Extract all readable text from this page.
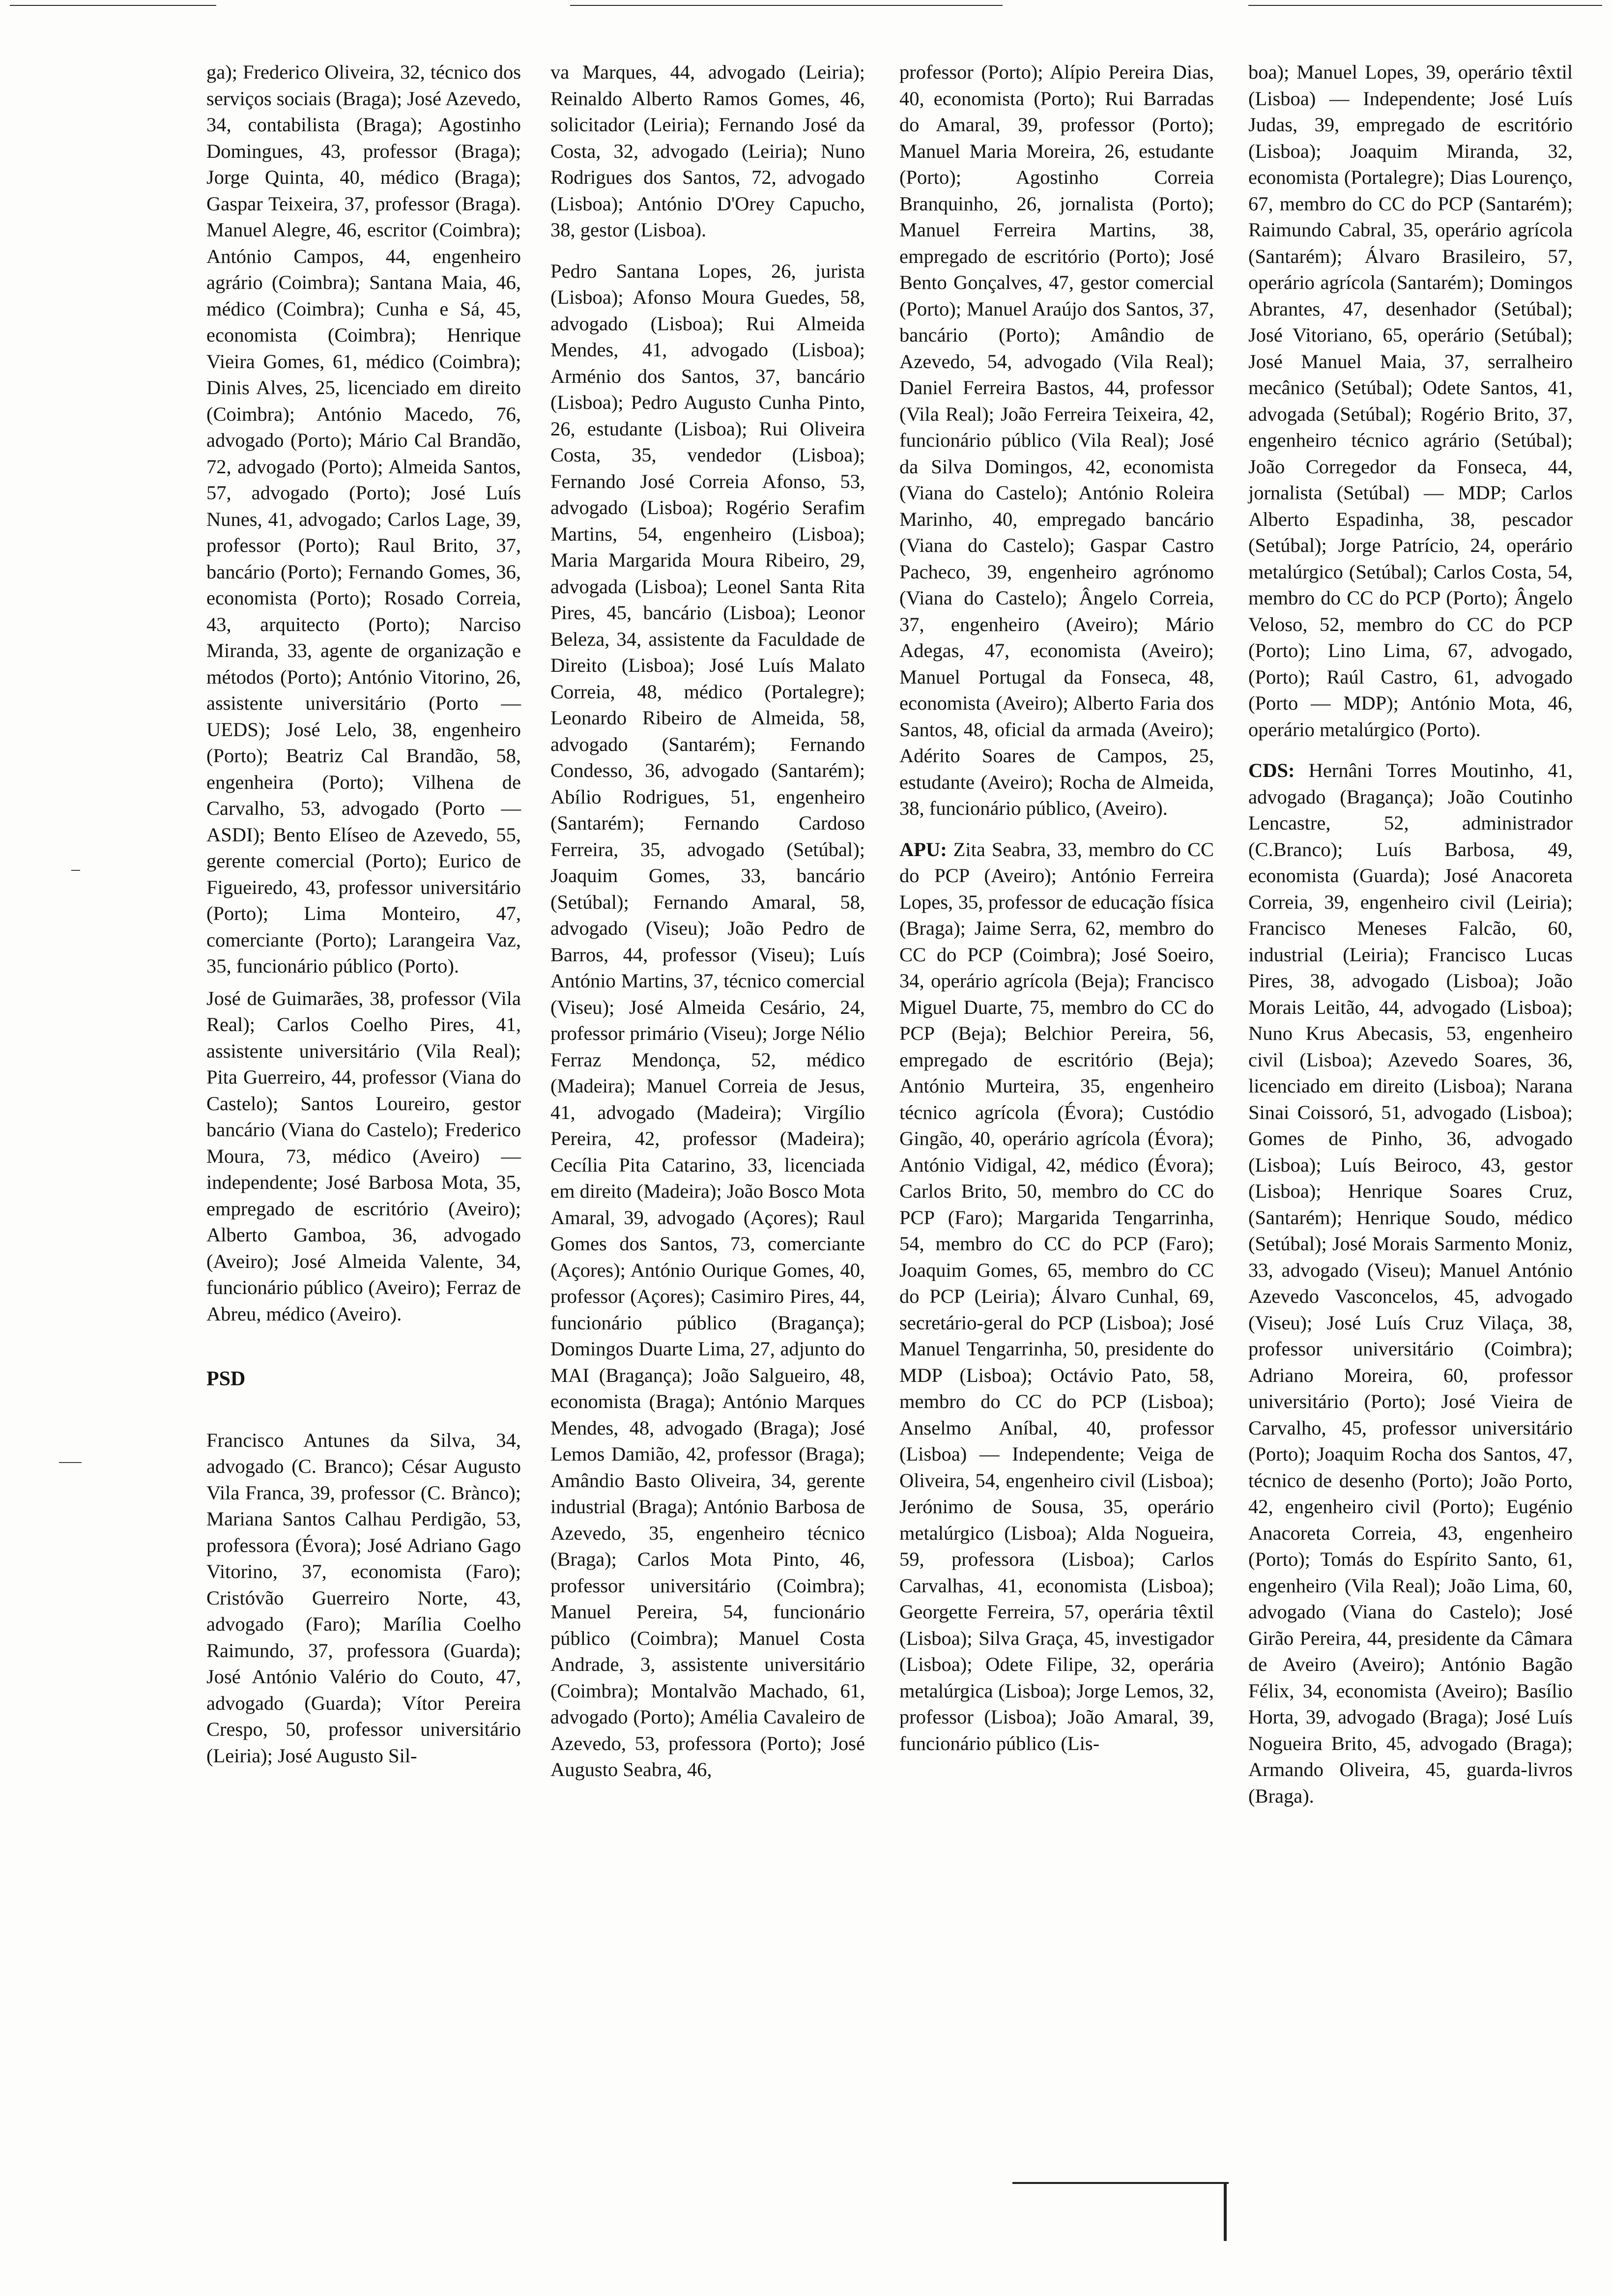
ga); Frederico Oliveira, 32, técnico dos serviços sociais (Braga); José Azevedo, 34, contabilista (Braga); Agostinho Domingues, 43, professor (Braga); Jorge Quinta, 40, médico (Braga); Gaspar Teixeira, 37, professor (Braga). Manuel Alegre, 46, escritor (Coimbra); António Campos, 44, engenheiro agrário (Coimbra); Santana Maia, 46, médico (Coimbra); Cunha e Sá, 45, economista (Coimbra); Henrique Vieira Gomes, 61, médico (Coimbra); Dinis Alves, 25, licenciado em direito (Coimbra); António Macedo, 76, advogado (Porto); Mário Cal Brandão, 72, advogado (Porto); Almeida Santos, 57, advogado (Porto); José Luís Nunes, 41, advogado; Carlos Lage, 39, professor (Porto); Raul Brito, 37, bancário (Porto); Fernando Gomes, 36, economista (Porto); Rosado Correia, 43, arquitecto (Porto); Narciso Miranda, 33, agente de organização e métodos (Porto); António Vitorino, 26, assistente universitário (Porto — UEDS); José Lelo, 38, engenheiro (Porto); Beatriz Cal Brandão, 58, engenheira (Porto); Vilhena de Carvalho, 53, advogado (Porto — ASDI); Bento Elíseo de Azevedo, 55, gerente comercial (Porto); Eurico de Figueiredo, 43, professor universitário (Porto); Lima Monteiro, 47, comerciante (Porto); Larangeira Vaz, 35, funcionário público (Porto).

José de Guimarães, 38, professor (Vila Real); Carlos Coelho Pires, 41, assistente universitário (Vila Real); Pita Guerreiro, 44, professor (Viana do Castelo); Santos Loureiro, gestor bancário (Viana do Castelo); Frederico Moura, 73, médico (Aveiro) — independente; José Barbosa Mota, 35, empregado de escritório (Aveiro); Alberto Gamboa, 36, advogado (Aveiro); José Almeida Valente, 34, funcionário público (Aveiro); Ferraz de Abreu, médico (Aveiro).

PSD

Francisco Antunes da Silva, 34, advogado (C. Branco); César Augusto Vila Franca, 39, professor (C. Brànco); Mariana Santos Calhau Perdigão, 53, professora (Évora); José Adriano Gago Vitorino, 37, economista (Faro); Cristóvão Guerreiro Norte, 43, advogado (Faro); Marília Coelho Raimundo, 37, professora (Guarda); José António Valério do Couto, 47, advogado (Guarda); Vítor Pereira Crespo, 50, professor universitário (Leiria); José Augusto Sil-

va Marques, 44, advogado (Leiria); Reinaldo Alberto Ramos Gomes, 46, solicitador (Leiria); Fernando José da Costa, 32, advogado (Leiria); Nuno Rodrigues dos Santos, 72, advogado (Lisboa); António D'Orey Capucho, 38, gestor (Lisboa).

Pedro Santana Lopes, 26, jurista (Lisboa); Afonso Moura Guedes, 58, advogado (Lisboa); Rui Almeida Mendes, 41, advogado (Lisboa); Arménio dos Santos, 37, bancário (Lisboa); Pedro Augusto Cunha Pinto, 26, estudante (Lisboa); Rui Oliveira Costa, 35, vendedor (Lisboa); Fernando José Correia Afonso, 53, advogado (Lisboa); Rogério Serafim Martins, 54, engenheiro (Lisboa); Maria Margarida Moura Ribeiro, 29, advogada (Lisboa); Leonel Santa Rita Pires, 45, bancário (Lisboa); Leonor Beleza, 34, assistente da Faculdade de Direito (Lisboa); José Luís Malato Correia, 48, médico (Portalegre); Leonardo Ribeiro de Almeida, 58, advogado (Santarém); Fernando Condesso, 36, advogado (Santarém); Abílio Rodrigues, 51, engenheiro (Santarém); Fernando Cardoso Ferreira, 35, advogado (Setúbal); Joaquim Gomes, 33, bancário (Setúbal); Fernando Amaral, 58, advogado (Viseu); João Pedro de Barros, 44, professor (Viseu); Luís António Martins, 37, técnico comercial (Viseu); José Almeida Cesário, 24, professor primário (Viseu); Jorge Nélio Ferraz Mendonça, 52, médico (Madeira); Manuel Correia de Jesus, 41, advogado (Madeira); Virgílio Pereira, 42, professor (Madeira); Cecília Pita Catarino, 33, licenciada em direito (Madeira); João Bosco Mota Amaral, 39, advogado (Açores); Raul Gomes dos Santos, 73, comerciante (Açores); António Ourique Gomes, 40, professor (Açores); Casimiro Pires, 44, funcionário público (Bragança); Domingos Duarte Lima, 27, adjunto do MAI (Bragança); João Salgueiro, 48, economista (Braga); António Marques Mendes, 48, advogado (Braga); José Lemos Damião, 42, professor (Braga); Amândio Basto Oliveira, 34, gerente industrial (Braga); António Barbosa de Azevedo, 35, engenheiro técnico (Braga); Carlos Mota Pinto, 46, professor universitário (Coimbra); Manuel Pereira, 54, funcionário público (Coimbra); Manuel Costa Andrade, 3, assistente universitário (Coimbra); Montalvão Machado, 61, advogado (Porto); Amélia Cavaleiro de Azevedo, 53, professora (Porto); José Augusto Seabra, 46,

professor (Porto); Alípio Pereira Dias, 40, economista (Porto); Rui Barradas do Amaral, 39, professor (Porto); Manuel Maria Moreira, 26, estudante (Porto); Agostinho Correia Branquinho, 26, jornalista (Porto); Manuel Ferreira Martins, 38, empregado de escritório (Porto); José Bento Gonçalves, 47, gestor comercial (Porto); Manuel Araújo dos Santos, 37, bancário (Porto); Amândio de Azevedo, 54, advogado (Vila Real); Daniel Ferreira Bastos, 44, professor (Vila Real); João Ferreira Teixeira, 42, funcionário público (Vila Real); José da Silva Domingos, 42, economista (Viana do Castelo); António Roleira Marinho, 40, empregado bancário (Viana do Castelo); Gaspar Castro Pacheco, 39, engenheiro agrónomo (Viana do Castelo); Ângelo Correia, 37, engenheiro (Aveiro); Mário Adegas, 47, economista (Aveiro); Manuel Portugal da Fonseca, 48, economista (Aveiro); Alberto Faria dos Santos, 48, oficial da armada (Aveiro); Adérito Soares de Campos, 25, estudante (Aveiro); Rocha de Almeida, 38, funcionário público, (Aveiro).

APU: Zita Seabra, 33, membro do CC do PCP (Aveiro); António Ferreira Lopes, 35, professor de educação física (Braga); Jaime Serra, 62, membro do CC do PCP (Coimbra); José Soeiro, 34, operário agrícola (Beja); Francisco Miguel Duarte, 75, membro do CC do PCP (Beja); Belchior Pereira, 56, empregado de escritório (Beja); António Murteira, 35, engenheiro técnico agrícola (Évora); Custódio Gingão, 40, operário agrícola (Évora); António Vidigal, 42, médico (Évora); Carlos Brito, 50, membro do CC do PCP (Faro); Margarida Tengarrinha, 54, membro do CC do PCP (Faro); Joaquim Gomes, 65, membro do CC do PCP (Leiria); Álvaro Cunhal, 69, secretário-geral do PCP (Lisboa); José Manuel Tengarrinha, 50, presidente do MDP (Lisboa); Octávio Pato, 58, membro do CC do PCP (Lisboa); Anselmo Aníbal, 40, professor (Lisboa) — Independente; Veiga de Oliveira, 54, engenheiro civil (Lisboa); Jerónimo de Sousa, 35, operário metalúrgico (Lisboa); Alda Nogueira, 59, professora (Lisboa); Carlos Carvalhas, 41, economista (Lisboa); Georgette Ferreira, 57, operária têxtil (Lisboa); Silva Graça, 45, investigador (Lisboa); Odete Filipe, 32, operária metalúrgica (Lisboa); Jorge Lemos, 32, professor (Lisboa); João Amaral, 39, funcionário público (Lis-

boa); Manuel Lopes, 39, operário têxtil (Lisboa) — Independente; José Luís Judas, 39, empregado de escritório (Lisboa); Joaquim Miranda, 32, economista (Portalegre); Dias Lourenço, 67, membro do CC do PCP (Santarém); Raimundo Cabral, 35, operário agrícola (Santarém); Álvaro Brasileiro, 57, operário agrícola (Santarém); Domingos Abrantes, 47, desenhador (Setúbal); José Vitoriano, 65, operário (Setúbal); José Manuel Maia, 37, serralheiro mecânico (Setúbal); Odete Santos, 41, advogada (Setúbal); Rogério Brito, 37, engenheiro técnico agrário (Setúbal); João Corregedor da Fonseca, 44, jornalista (Setúbal) — MDP; Carlos Alberto Espadinha, 38, pescador (Setúbal); Jorge Patrício, 24, operário metalúrgico (Setúbal); Carlos Costa, 54, membro do CC do PCP (Porto); Ângelo Veloso, 52, membro do CC do PCP (Porto); Lino Lima, 67, advogado, (Porto); Raúl Castro, 61, advogado (Porto — MDP); António Mota, 46, operário metalúrgico (Porto).

CDS: Hernâni Torres Moutinho, 41, advogado (Bragança); João Coutinho Lencastre, 52, administrador (C.Branco); Luís Barbosa, 49, economista (Guarda); José Anacoreta Correia, 39, engenheiro civil (Leiria); Francisco Meneses Falcão, 60, industrial (Leiria); Francisco Lucas Pires, 38, advogado (Lisboa); João Morais Leitão, 44, advogado (Lisboa); Nuno Krus Abecasis, 53, engenheiro civil (Lisboa); Azevedo Soares, 36, licenciado em direito (Lisboa); Narana Sinai Coissoró, 51, advogado (Lisboa); Gomes de Pinho, 36, advogado (Lisboa); Luís Beiroco, 43, gestor (Lisboa); Henrique Soares Cruz, (Santarém); Henrique Soudo, médico (Setúbal); José Morais Sarmento Moniz, 33, advogado (Viseu); Manuel António Azevedo Vasconcelos, 45, advogado (Viseu); José Luís Cruz Vilaça, 38, professor universitário (Coimbra); Adriano Moreira, 60, professor universitário (Porto); José Vieira de Carvalho, 45, professor universitário (Porto); Joaquim Rocha dos Santos, 47, técnico de desenho (Porto); João Porto, 42, engenheiro civil (Porto); Eugénio Anacoreta Correia, 43, engenheiro (Porto); Tomás do Espírito Santo, 61, engenheiro (Vila Real); João Lima, 60, advogado (Viana do Castelo); José Girão Pereira, 44, presidente da Câmara de Aveiro (Aveiro); António Bagão Félix, 34, economista (Aveiro); Basílio Horta, 39, advogado (Braga); José Luís Nogueira Brito, 45, advogado (Braga); Armando Oliveira, 45, guarda-livros (Braga).
